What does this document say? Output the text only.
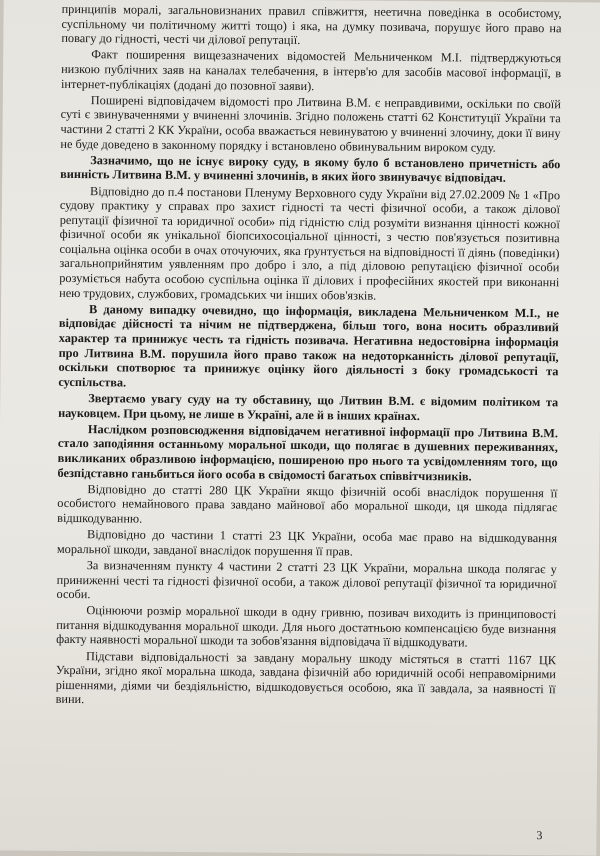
принципів моралі, загальновизнаних правил співжиття, неетична поведінка в особистому, суспільному чи політичному житті тощо) і яка, на думку позивача, порушує його право на повагу до гідності, честі чи ділової репутації.

Факт поширення вищезазначених відомостей Мельниченком М.І. підтверджуються низкою публічних заяв на каналах телебачення, в інтерв'ю для засобів масової інформації, в інтернет-публікаціях (додані до позовної заяви).

Поширені відповідачем відомості про Литвина В.М. є неправдивими, оскільки по своїй суті є звинуваченнями у вчиненні злочинів. Згідно положень статті 62 Конституції України та частини 2 статті 2 КК України, особа вважається невинуватою у вчиненні злочину, доки її вину не буде доведено в законному порядку і встановлено обвинувальним вироком суду.

Зазначимо, що не існує вироку суду, в якому було б встановлено причетність або винність Литвина В.М. у вчиненні злочинів, в яких його звинувачує відповідач.

Відповідно до п.4 постанови Пленуму Верховного суду України від 27.02.2009 № 1 «Про судову практику у справах про захист гідності та честі фізичної особи, а також ділової репутації фізичної та юридичної особи» під гідністю слід розуміти визнання цінності кожної фізичної особи як унікальної біопсихосоціальної цінності, з честю пов'язується позитивна соціальна оцінка особи в очах оточуючих, яка ґрунтується на відповідності її діянь (поведінки) загальноприйнятим уявленням про добро і зло, а під діловою репутацією фізичної особи розуміється набута особою суспільна оцінка її ділових і професійних якостей при виконанні нею трудових, службових, громадських чи інших обов'язків.

В даному випадку очевидно, що інформація, викладена Мельниченком М.І., не відповідає дійсності та нічим не підтверджена, більш того, вона носить образливий характер та принижує честь та гідність позивача. Негативна недостовірна інформація про Литвина В.М. порушила його право також на недоторканність ділової репутації, оскільки спотворює та принижує оцінку його діяльності з боку громадськості та суспільства.

Звертаємо увагу суду на ту обставину, що Литвин В.М. є відомим політиком та науковцем. При цьому, не лише в Україні, але й в інших країнах.

Наслідком розповсюдження відповідачем негативної інформації про Литвина В.М. стало заподіяння останньому моральної шкоди, що полягає в душевних переживаннях, викликаних образливою інформацією, поширеною про нього та усвідомленням того, що безпідставно ганьбиться його особа в свідомості багатьох співвітчизників.

Відповідно до статті 280 ЦК України якщо фізичній особі внаслідок порушення її особистого немайнового права завдано майнової або моральної шкоди, ця шкода підлягає відшкодуванню.

Відповідно до частини 1 статті 23 ЦК України, особа має право на відшкодування моральної шкоди, завданої внаслідок порушення її прав.

За визначенням пункту 4 частини 2 статті 23 ЦК України, моральна шкода полягає у приниженні честі та гідності фізичної особи, а також ділової репутації фізичної та юридичної особи.

Оцінюючи розмір моральної шкоди в одну гривню, позивач виходить із принциповості питання відшкодування моральної шкоди. Для нього достатньою компенсацією буде визнання факту наявності моральної шкоди та зобов'язання відповідача її відшкодувати.

Підстави відповідальності за завдану моральну шкоду містяться в статті 1167 ЦК України, згідно якої моральна шкода, завдана фізичній або юридичній особі неправомірними рішеннями, діями чи бездіяльністю, відшкодовується особою, яка її завдала, за наявності її вини.

3
